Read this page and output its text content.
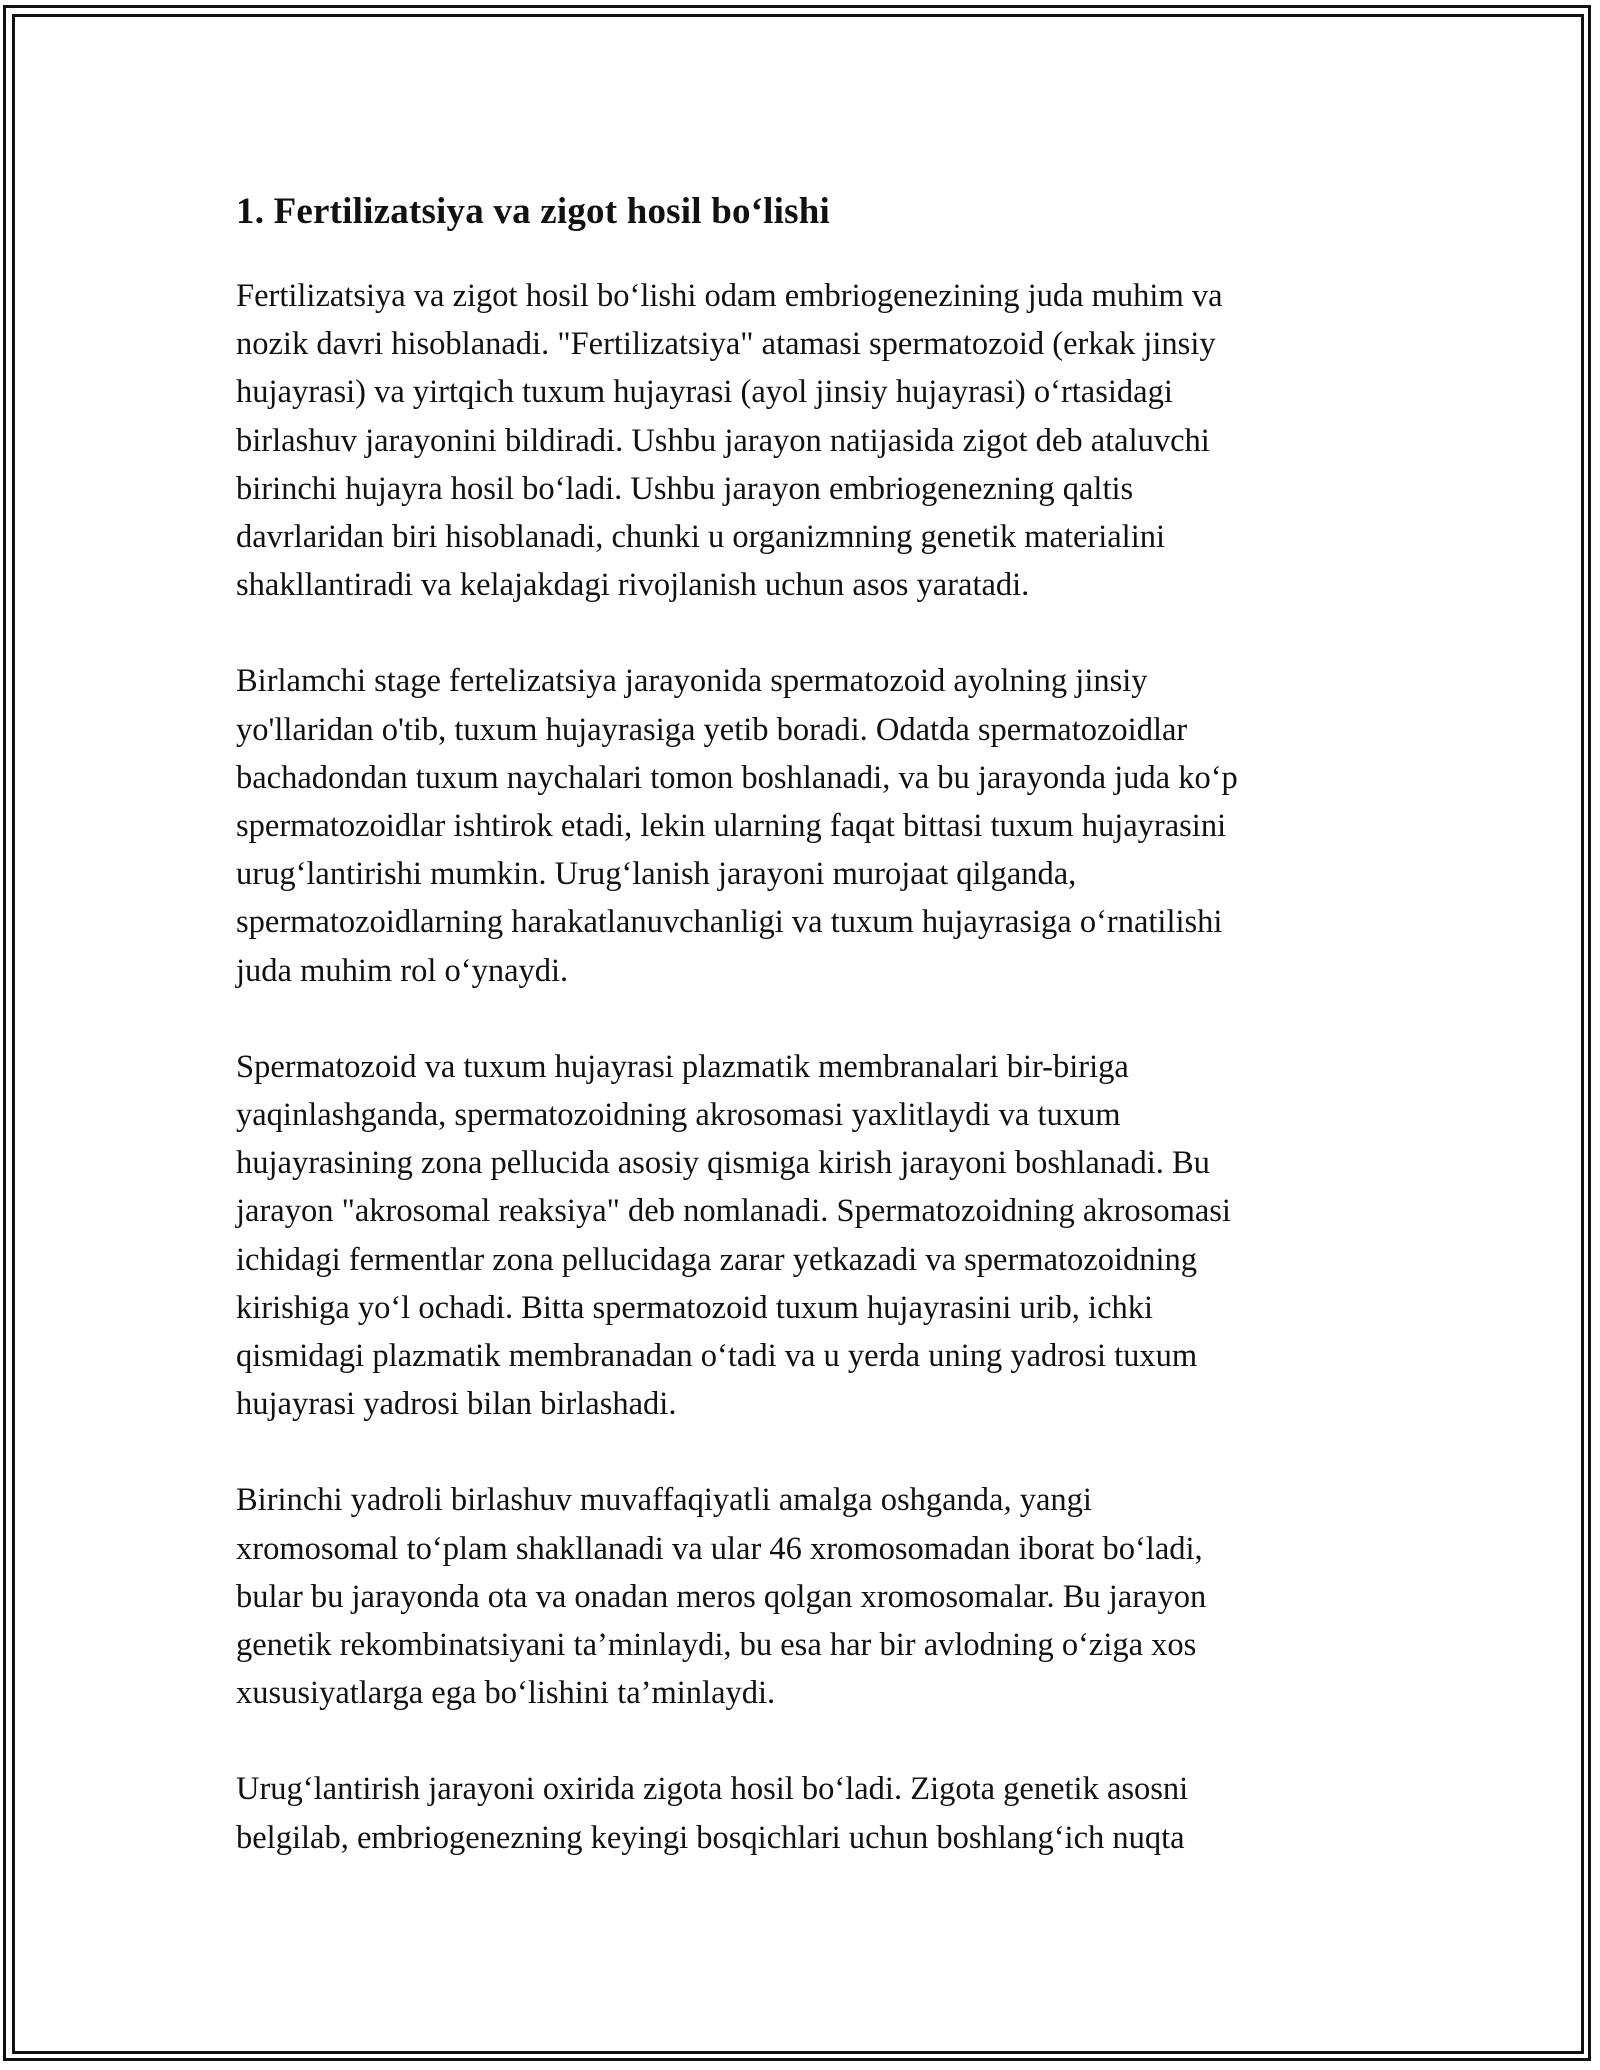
1. Fertilizatsiya va zigot hosil bo‘lishi

Fertilizatsiya va zigot hosil bo‘lishi odam embriogenezining juda muhim va
nozik davri hisoblanadi. "Fertilizatsiya" atamasi spermatozoid (erkak jinsiy
hujayrasi) va yirtqich tuxum hujayrasi (ayol jinsiy hujayrasi) o‘rtasidagi
birlashuv jarayonini bildiradi. Ushbu jarayon natijasida zigot deb ataluvchi
birinchi hujayra hosil bo‘ladi. Ushbu jarayon embriogenezning qaltis
davrlaridan biri hisoblanadi, chunki u organizmning genetik materialini
shakllantiradi va kelajakdagi rivojlanish uchun asos yaratadi.

Birlamchi stage fertelizatsiya jarayonida spermatozoid ayolning jinsiy
yo'llaridan o'tib, tuxum hujayrasiga yetib boradi. Odatda spermatozoidlar
bachadondan tuxum naychalari tomon boshlanadi, va bu jarayonda juda ko‘p
spermatozoidlar ishtirok etadi, lekin ularning faqat bittasi tuxum hujayrasini
urug‘lantirishi mumkin. Urug‘lanish jarayoni murojaat qilganda,
spermatozoidlarning harakatlanuvchanligi va tuxum hujayrasiga o‘rnatilishi
juda muhim rol o‘ynaydi.

Spermatozoid va tuxum hujayrasi plazmatik membranalari bir-biriga
yaqinlashganda, spermatozoidning akrosomasi yaxlitlaydi va tuxum
hujayrasining zona pellucida asosiy qismiga kirish jarayoni boshlanadi. Bu
jarayon "akrosomal reaksiya" deb nomlanadi. Spermatozoidning akrosomasi
ichidagi fermentlar zona pellucidaga zarar yetkazadi va spermatozoidning
kirishiga yo‘l ochadi. Bitta spermatozoid tuxum hujayrasini urib, ichki
qismidagi plazmatik membranadan o‘tadi va u yerda uning yadrosi tuxum
hujayrasi yadrosi bilan birlashadi.

Birinchi yadroli birlashuv muvaffaqiyatli amalga oshganda, yangi
xromosomal to‘plam shakllanadi va ular 46 xromosomadan iborat bo‘ladi,
bular bu jarayonda ota va onadan meros qolgan xromosomalar. Bu jarayon
genetik rekombinatsiyani ta’minlaydi, bu esa har bir avlodning o‘ziga xos
xususiyatlarga ega bo‘lishini ta’minlaydi.

Urug‘lantirish jarayoni oxirida zigota hosil bo‘ladi. Zigota genetik asosni
belgilab, embriogenezning keyingi bosqichlari uchun boshlang‘ich nuqta
